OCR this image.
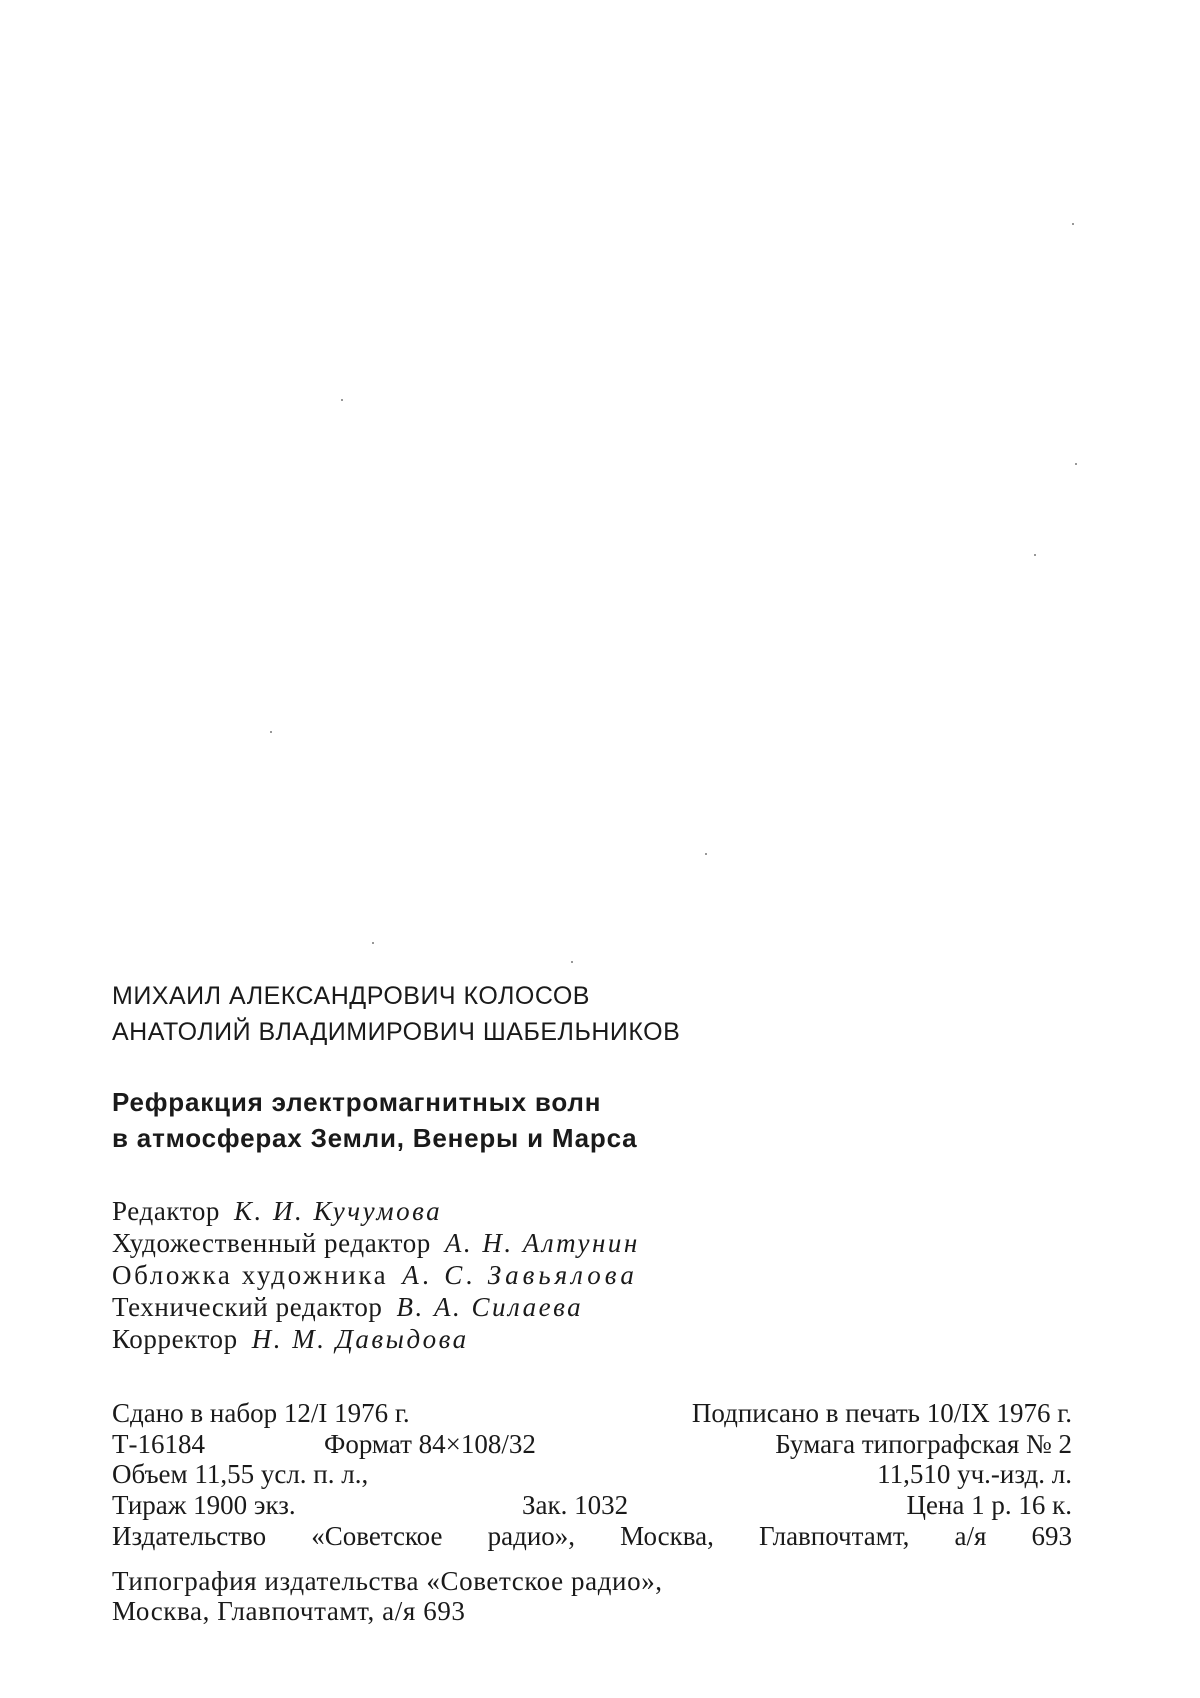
МИХАИЛ АЛЕКСАНДРОВИЧ КОЛОСОВ
АНАТОЛИЙ ВЛАДИМИРОВИЧ ШАБЕЛЬНИКОВ
Рефракция электромагнитных волн
в атмосферах Земли, Венеры и Марса
Редактор К. И. Кучумова
Художественный редактор А. Н. Алтунин
Обложка художника А. С. Завьялова
Технический редактор В. А. Силаева
Корректор Н. М. Давыдова
Сдано в набор 12/I 1976 г.	Подписано в печать 10/IX 1976 г.
Т-16184	Формат 84×108/32	Бумага типографская № 2
Объем 11,55 усл. п. л.,	11,510 уч.-изд. л.
Тираж 1900 экз.	Зак. 1032	Цена 1 р. 16 к.
Издательство «Советское радио», Москва, Главпочтамт, а/я 693
Типография издательства «Советское радио»,
Москва, Главпочтамт, а/я 693
